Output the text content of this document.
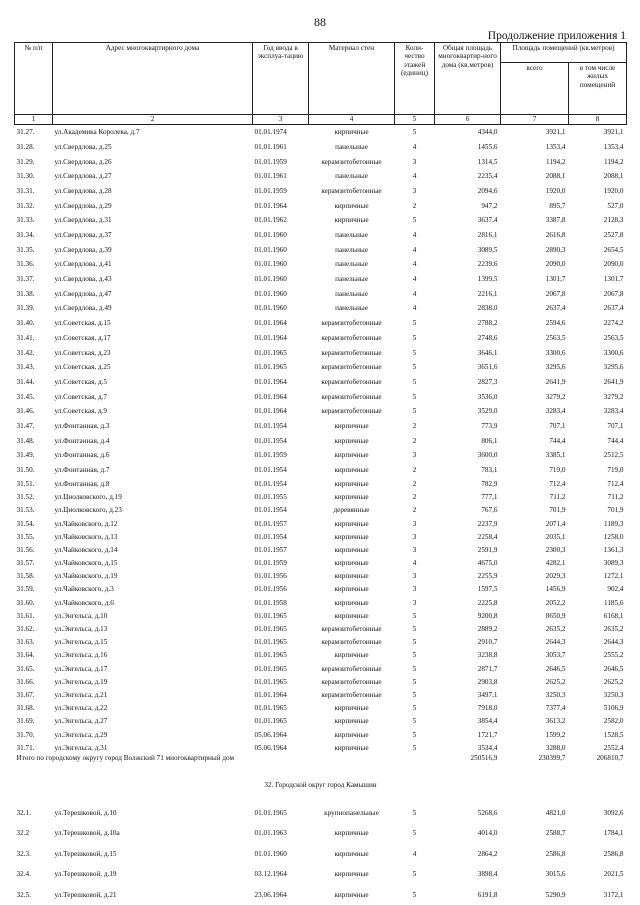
88
Продолжение приложения 1
№ п/п	Адрес многоквартирного дома	Год ввода в эксплуа-тацию	Материал стен	Коли-чество этажей (единиц)	Общая площадь многоквартир-ного дома (кв.метров)	Площадь помещений (кв.метров)	
						всего	в том числе жилых помещений
1	2	3	4	5	6	7	8
31.27.	ул.Академика Королева, д.7	01.01.1974	кирпичные	5	4344,0	3921,1	3921,1
31.28.	ул.Свердлова, д.25	01.01.1961	панельные	4	1455,6	1353,4	1353,4
31.29.	ул.Свердлова, д.26	01.01.1959	керамзитобетонные	3	1314,5	1194,2	1194,2
31.30.	ул.Свердлова, д.27	01.01.1961	панельные	4	2235,4	2088,1	2088,1
31.31.	ул.Свердлова, д.28	01.01.1959	керамзитобетонные	3	2094,6	1920,0	1920,0
31.32.	ул.Свердлова, д.29	01.01.1964	кирпичные	2	947,2	895,7	527,0
31.33.	ул.Свердлова, д.31	01.01.1962	кирпичные	5	3637,4	3387,8	2128,3
31.34.	ул.Свердлова, д.37	01.01.1960	панельные	4	2816,1	2616,8	2527,8
31.35.	ул.Свердлова, д.39	01.01.1960	панельные	4	3089,5	2890,3	2654,5
31.36.	ул.Свердлова, д.41	01.01.1960	панельные	4	2239,6	2090,0	2090,0
31.37.	ул.Свердлова, д.43	01.01.1960	панельные	4	1399,5	1301,7	1301,7
31.38.	ул.Свердлова, д.47	01.01.1960	панельные	4	2216,1	2067,8	2067,8
31.39.	ул.Свердлова, д.49	01.01.1960	панельные	4	2838,0	2637,4	2637,4
31.40.	ул.Советская, д.15	01.01.1964	керамзитобетонные	5	2788,2	2594,6	2274,2
31.41.	ул.Советская, д.17	01.01.1964	керамзитобетонные	5	2748,6	2563,5	2563,5
31.42.	ул.Советская, д.23	01.01.1965	керамзитобетонные	5	3646,1	3300,6	3300,6
31.43.	ул.Советская, д.25	01.01.1965	керамзитобетонные	5	3651,6	3295,6	3295,6
31.44.	ул.Советская, д.5	01.01.1964	керамзитобетонные	5	2827,3	2641,9	2641,9
31.45.	ул.Советская, д.7	01.01.1964	керамзитобетонные	5	3536,0	3279,2	3279,2
31.46.	ул.Советская, д.9	01.01.1964	керамзитобетонные	5	3529,0	3283,4	3283,4
31.47.	ул.Фонтанная, д.3	01.01.1954	кирпичные	2	773,9	707,1	707,1
31.48.	ул.Фонтанная, д.4	01.01.1954	кирпичные	2	806,1	744,4	744,4
31.49.	ул.Фонтанная, д.6	01.01.1959	кирпичные	3	3600,0	3385,1	2512,5
31.50.	ул.Фонтанная, д.7	01.01.1954	кирпичные	2	783,1	719,0	719,0
31.51.	ул.Фонтанная, д.8	01.01.1954	кирпичные	2	782,9	712,4	712,4
31.52.	ул.Циолковского, д.19	01.01.1955	кирпичные	2	777,1	711,2	711,2
31.53.	ул.Циолковского, д.23	01.01.1954	деревянные	2	767,6	701,9	701,9
31.54.	ул.Чайковского, д.12	01.01.1957	кирпичные	3	2237,9	2071,4	1189,3
31.55.	ул.Чайковского, д.13	01.01.1954	кирпичные	3	2258,4	2035,1	1258,0
31.56.	ул.Чайковского, д.14	01.01.1957	кирпичные	3	2591,9	2300,3	1361,3
31.57.	ул.Чайковского, д.15	01.01.1959	кирпичные	4	4675,0	4282,1	3089,3
31.58.	ул.Чайковского, д.19	01.01.1956	кирпичные	3	2255,9	2029,3	1272,1
31.59.	ул.Чайковского, д.3	01.01.1956	кирпичные	3	1597,5	1456,9	902,4
31.60.	ул.Чайковского, д.6	01.01.1958	кирпичные	3	2225,8	2052,2	1185,6
31.61.	ул.Энгельса, д.10	01.01.1965	кирпичные	5	9200,8	8650,9	6168,1
31.62.	ул.Энгельса, д.13	01.01.1965	керамзитобетонные	5	2889,2	2635,2	2635,2
31.63.	ул.Энгельса, д.15	01.01.1965	керамзитобетонные	5	2910,7	2644,3	2644,3
31.64.	ул.Энгельса, д.16	01.01.1965	кирпичные	5	3238,8	3053,7	2555,2
31.65.	ул.Энгельса, д.17	01.01.1965	керамзитобетонные	5	2871,7	2646,5	2646,5
31.66.	ул.Энгельса, д.19	01.01.1965	керамзитобетонные	5	2903,8	2625,2	2625,2
31.67.	ул.Энгельса, д.21	01.01.1964	керамзитобетонные	5	3497,1	3250,3	3250,3
31.68.	ул.Энгельса, д.22	01.01.1965	кирпичные	5	7918,0	7377,4	5106,9
31.69.	ул.Энгельса, д.27	01.01.1965	кирпичные	5	3854,4	3613,2	2582,0
31.70.	ул.Энгельса, д.29	05.06.1964	кирпичные	5	1721,7	1599,2	1528,5
31.71.	ул.Энгельса, д.31	05.06.1964	кирпичные	5	3534,4	3288,0	2552,4
Итого по городскому округу город Волжский 71 многоквартирный дом					250516,9	230399,7	206810,7
32. Городской округ город Камышин							

32.1.	ул.Терешковой, д.10	01.01.1965	крупнопанельные	5	5268,6	4821,0	3092,6
32.2	ул.Терешковой, д.10а	01.01.1963	кирпичные	5	4014,0	2588,7	1784,1
32.3.	ул.Терешковой, д.15	01.01.1960	кирпичные	4	2864,2	2586,8	2586,8
32.4.	ул.Терешковой, д.19	03.12.1964	кирпичные	5	3898,4	3015,6	2021,5
32.5.	ул.Терешковой, д.21	23.06.1964	кирпичные	5	6191,8	5290,9	3172,1
